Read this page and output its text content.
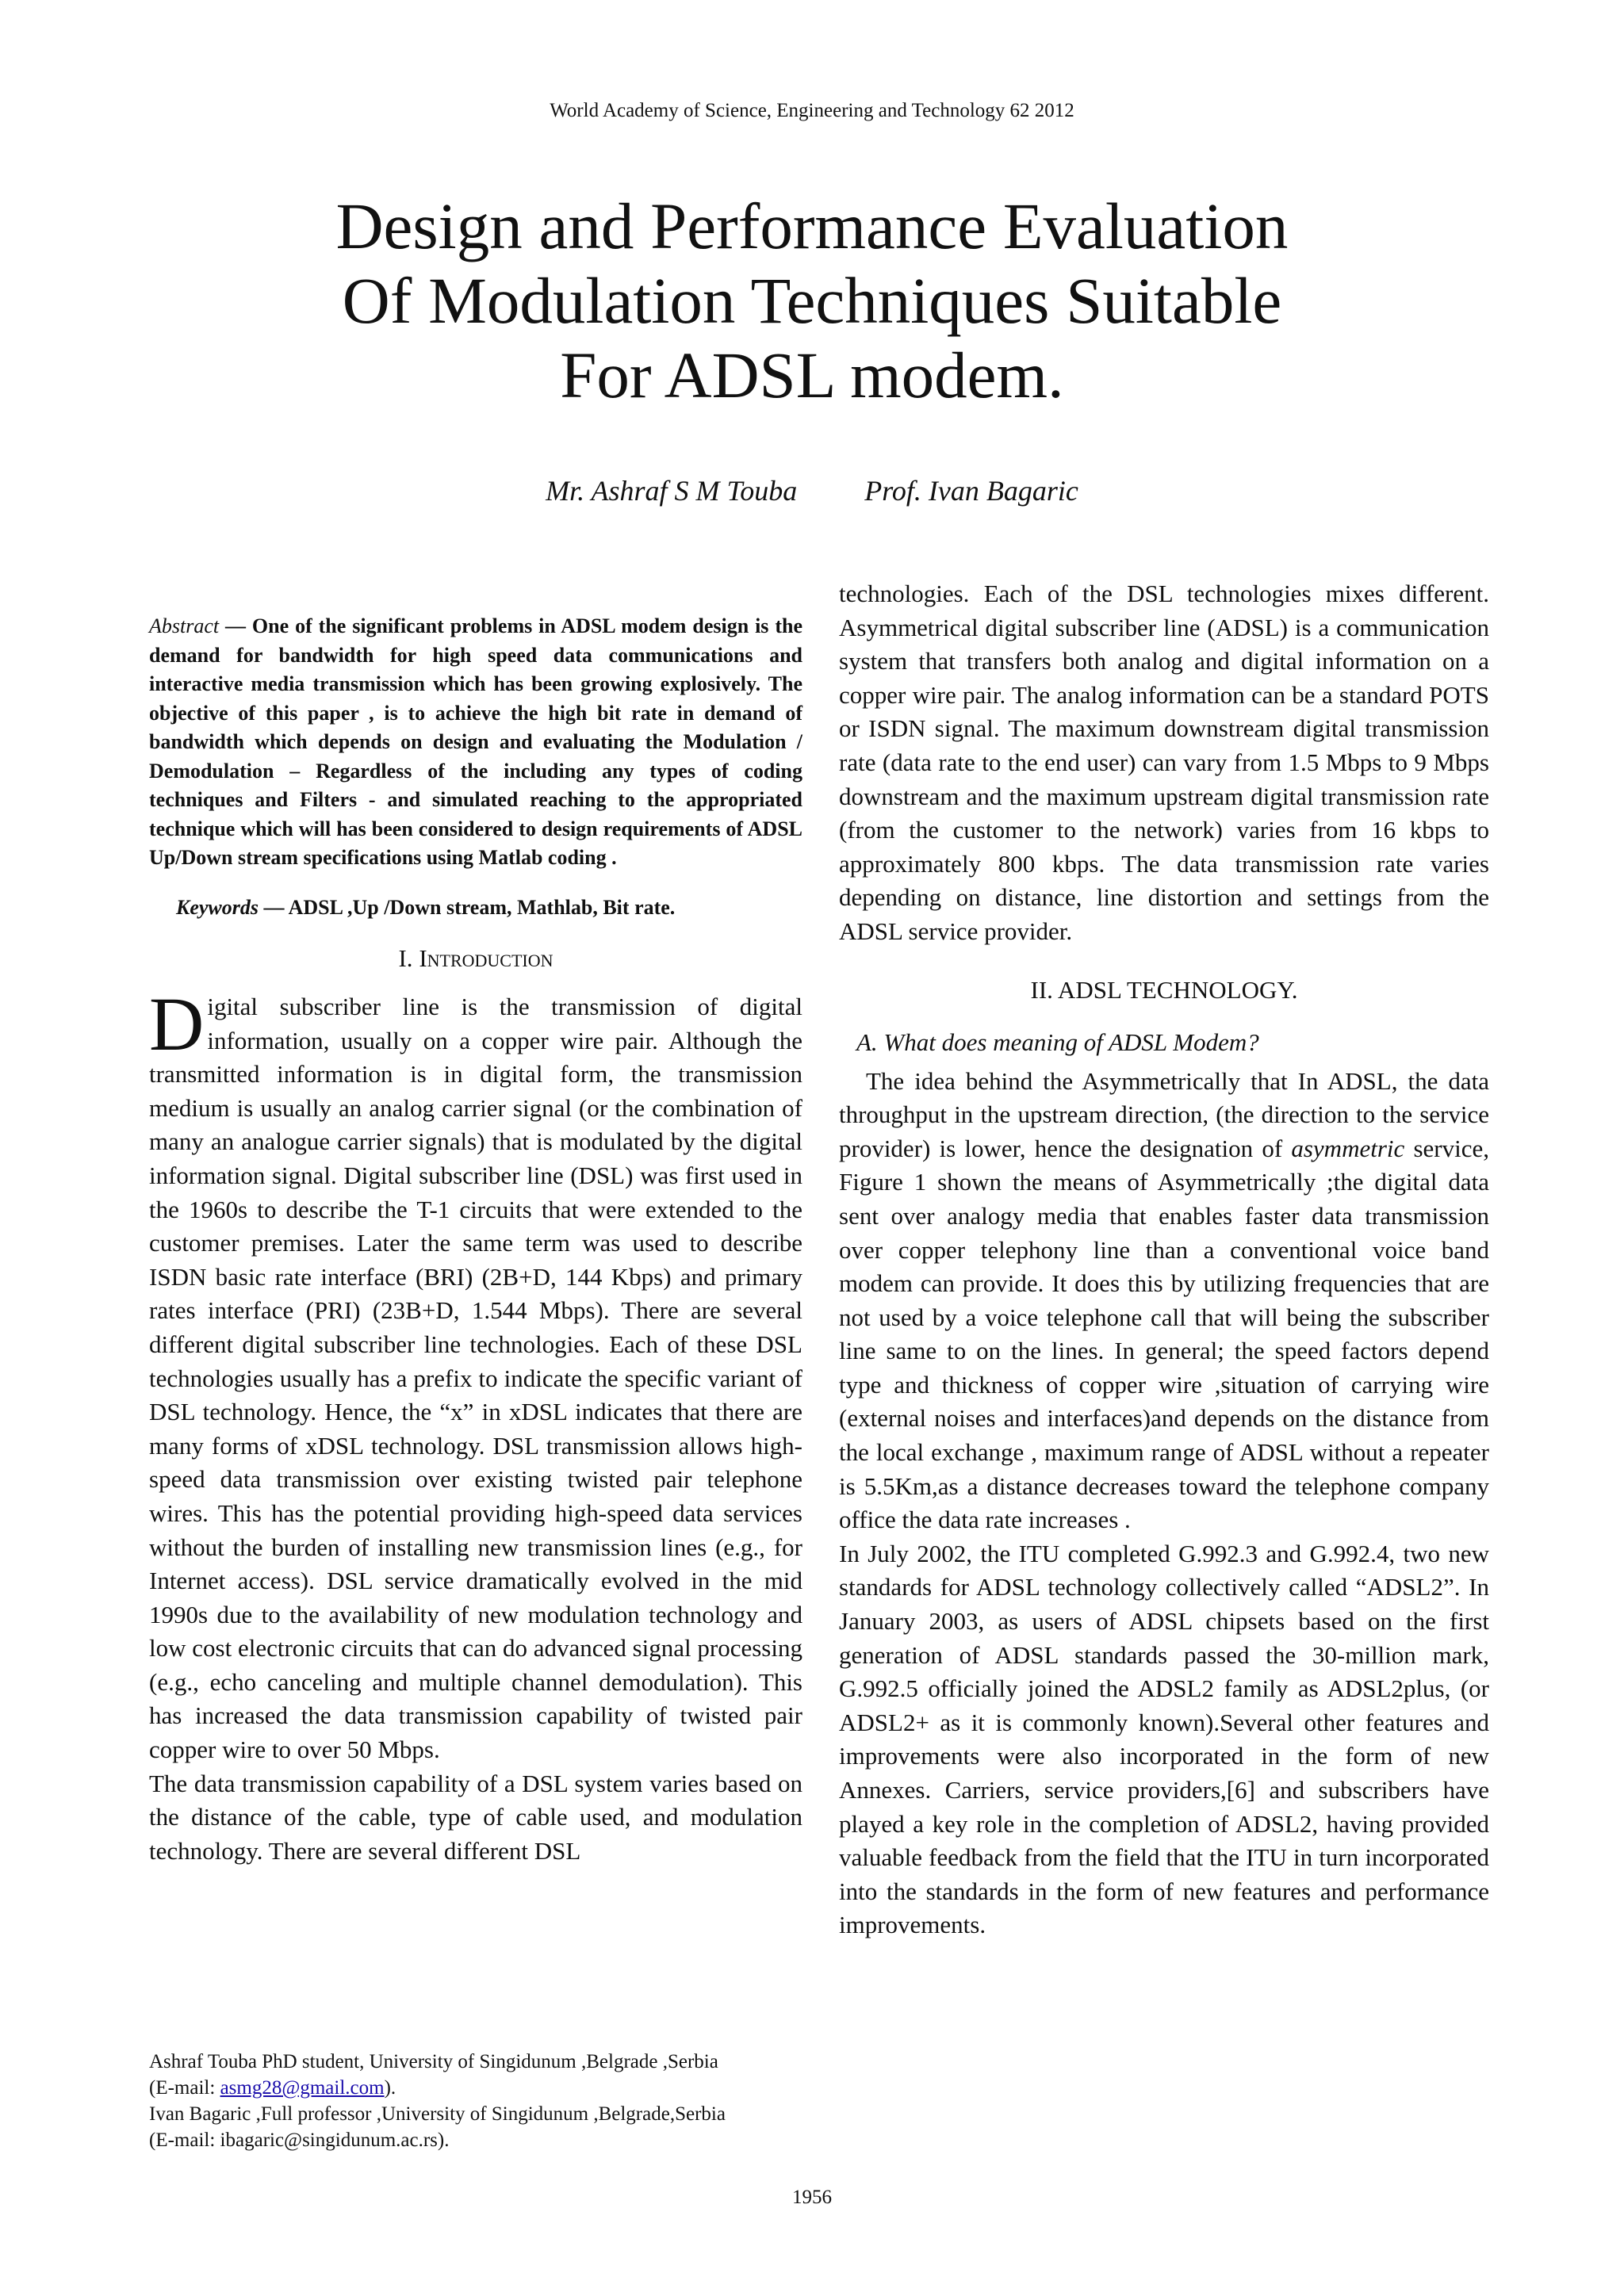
World Academy of Science, Engineering and Technology 62 2012
Design and Performance Evaluation
Of Modulation Techniques Suitable
For ADSL modem.
Mr. Ashraf S M Touba Prof. Ivan Bagaric

Abstract — One of the significant problems in ADSL modem design is the demand for bandwidth for high speed data communications and interactive media transmission which has been growing explosively. The objective of this paper , is to achieve the high bit rate in demand of bandwidth which depends on design and evaluating the Modulation / Demodulation – Regardless of the including any types of coding techniques and Filters - and simulated reaching to the appropriated technique which will has been considered to design requirements of ADSL Up/Down stream specifications using Matlab coding .

Keywords — ADSL ,Up /Down stream, Mathlab, Bit rate.

I. Introduction

Digital subscriber line is the transmission of digital information, usually on a copper wire pair. Although the transmitted information is in digital form, the transmission medium is usually an analog carrier signal (or the combination of many an analogue carrier signals) that is modulated by the digital information signal. Digital subscriber line (DSL) was first used in the 1960s to describe the T-1 circuits that were extended to the customer premises. Later the same term was used to describe ISDN basic rate interface (BRI) (2B+D, 144 Kbps) and primary rates interface (PRI) (23B+D, 1.544 Mbps). There are several different digital subscriber line technologies. Each of these DSL technologies usually has a prefix to indicate the specific variant of DSL technology. Hence, the “x” in xDSL indicates that there are many forms of xDSL technology. DSL transmission allows high-speed data transmission over existing twisted pair telephone wires. This has the potential providing high-speed data services without the burden of installing new transmission lines (e.g., for Internet access). DSL service dramatically evolved in the mid 1990s due to the availability of new modulation technology and low cost electronic circuits that can do advanced signal processing (e.g., echo canceling and multiple channel demodulation). This has increased the data transmission capability of twisted pair copper wire to over 50 Mbps.

The data transmission capability of a DSL system varies based on the distance of the cable, type of cable used, and modulation technology. There are several different DSL

technologies. Each of the DSL technologies mixes different. Asymmetrical digital subscriber line (ADSL) is a communication system that transfers both analog and digital information on a copper wire pair. The analog information can be a standard POTS or ISDN signal. The maximum downstream digital transmission rate (data rate to the end user) can vary from 1.5 Mbps to 9 Mbps downstream and the maximum upstream digital transmission rate (from the customer to the network) varies from 16 kbps to approximately 800 kbps. The data transmission rate varies depending on distance, line distortion and settings from the ADSL service provider.

II. ADSL TECHNOLOGY.
A. What does meaning of ADSL Modem?

The idea behind the Asymmetrically that In ADSL, the data throughput in the upstream direction, (the direction to the service provider) is lower, hence the designation of asymmetric service, Figure 1 shown the means of Asymmetrically ;the digital data sent over analogy media that enables faster data transmission over copper telephony line than a conventional voice band modem can provide. It does this by utilizing frequencies that are not used by a voice telephone call that will being the subscriber line same to on the lines. In general; the speed factors depend type and thickness of copper wire ,situation of carrying wire (external noises and interfaces)and depends on the distance from the local exchange , maximum range of ADSL without a repeater is 5.5Km,as a distance decreases toward the telephone company office the data rate increases .

In July 2002, the ITU completed G.992.3 and G.992.4, two new standards for ADSL technology collectively called “ADSL2”. In January 2003, as users of ADSL chipsets based on the first generation of ADSL standards passed the 30-million mark, G.992.5 officially joined the ADSL2 family as ADSL2plus, (or ADSL2+ as it is commonly known).Several other features and improvements were also incorporated in the form of new Annexes. Carriers, service providers,[6] and subscribers have played a key role in the completion of ADSL2, having provided valuable feedback from the field that the ITU in turn incorporated into the standards in the form of new features and performance improvements.

Ashraf Touba PhD student, University of Singidunum ,Belgrade ,Serbia
(E-mail: asmg28@gmail.com).
Ivan Bagaric ,Full professor ,University of Singidunum ,Belgrade,Serbia
(E-mail: ibagaric@singidunum.ac.rs).
1956
